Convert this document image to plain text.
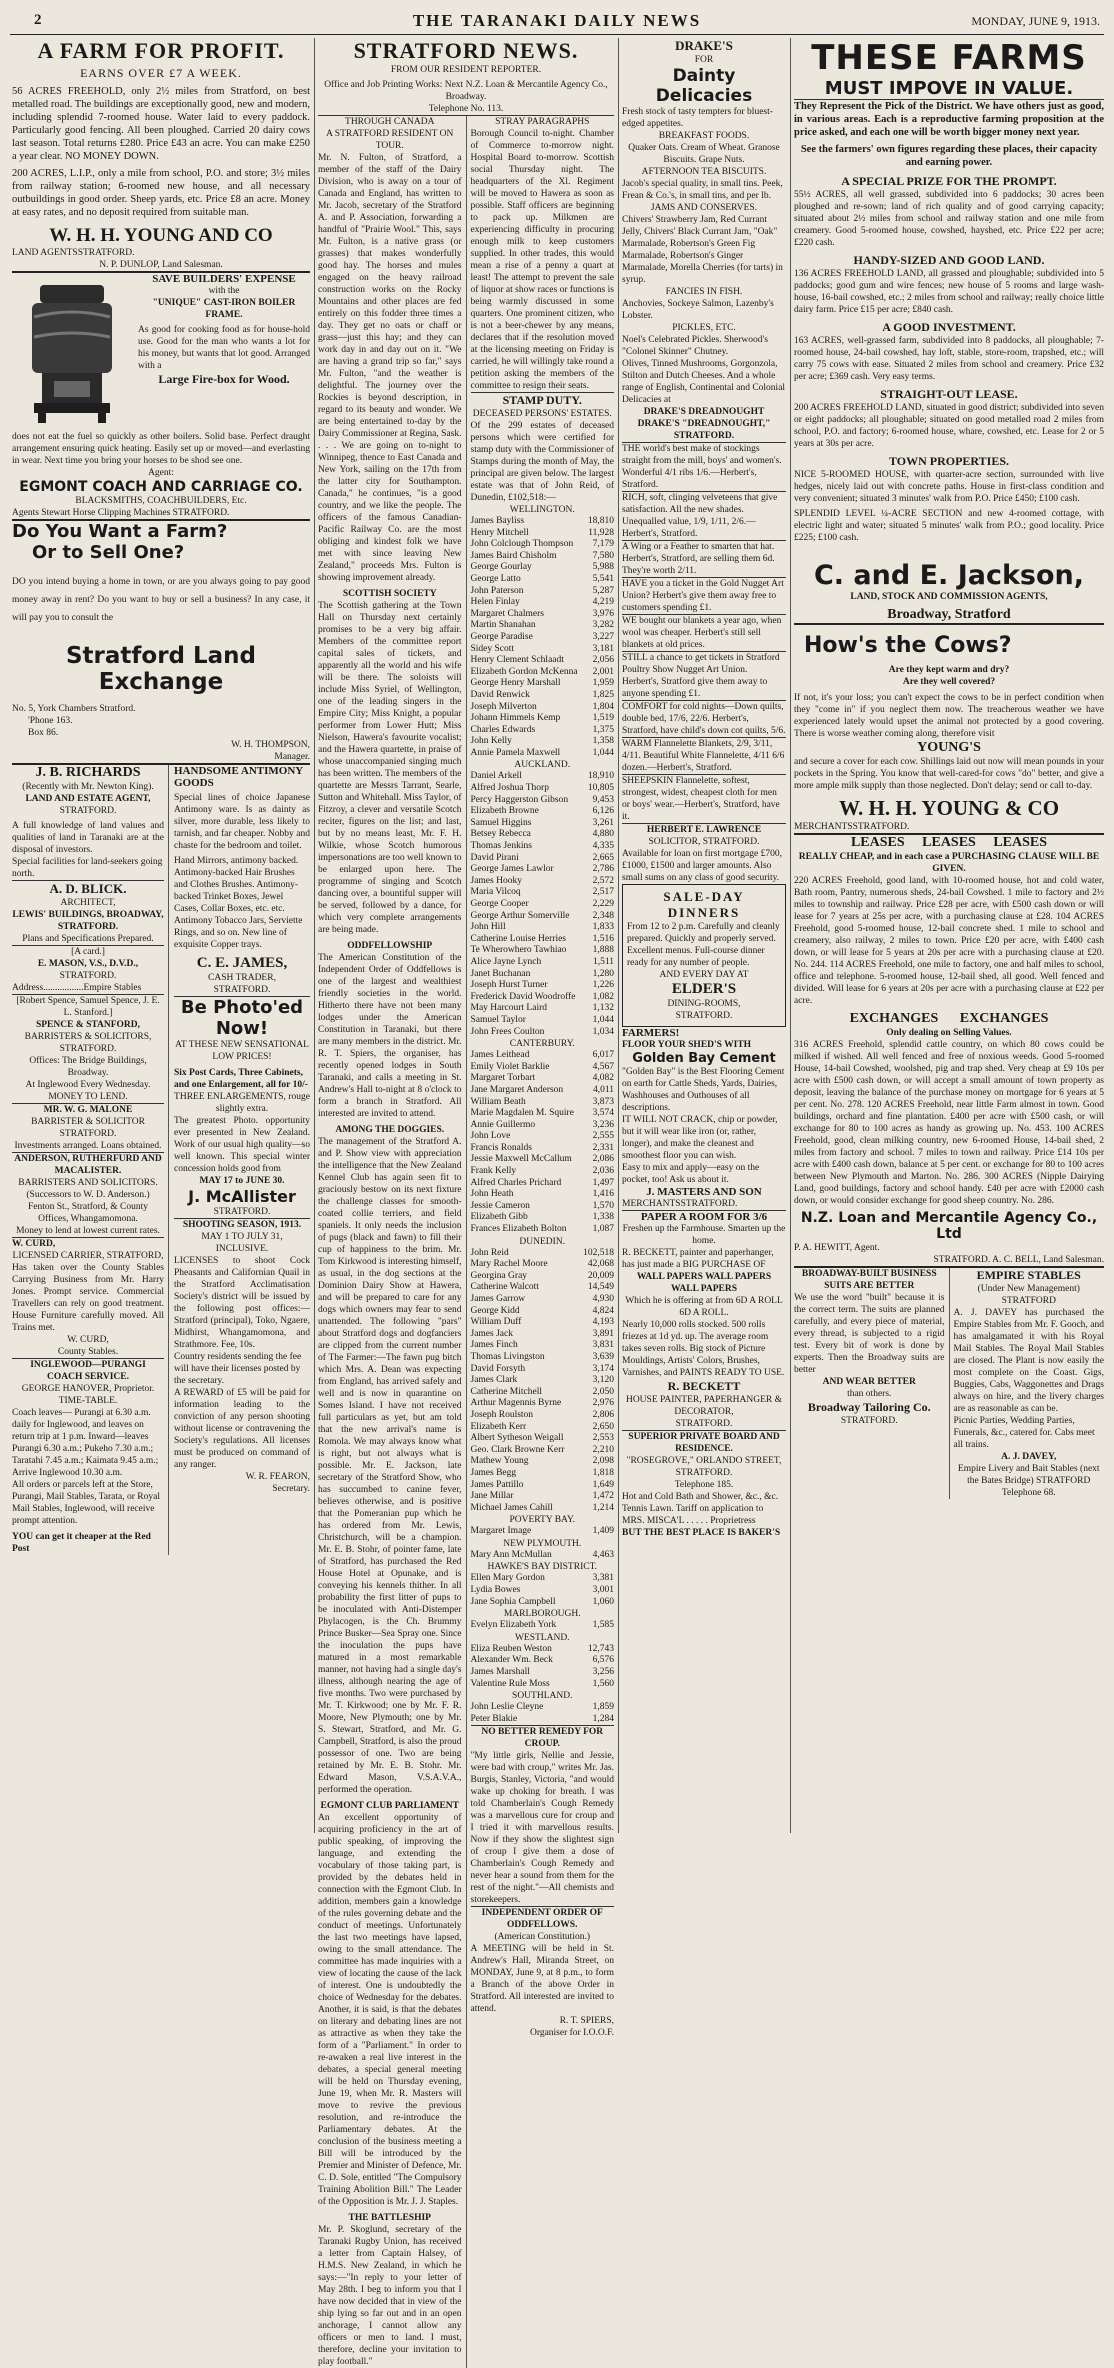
2	THE TARANAKI DAILY NEWS	MONDAY, JUNE 9, 1913.
A FARM FOR PROFIT.
EARNS OVER £7 A WEEK.

56 ACRES FREEHOLD, only 2½ miles from Stratford, on best metalled road. The buildings are exceptionally good, new and modern, including splendid 7-roomed house. Water laid to every paddock. Particularly good fencing. All been ploughed. Carried 20 dairy cows last season. Total returns £280. Price £43 an acre. You can make £250 a year clear. NO MONEY DOWN.

200 ACRES, L.I.P., only a mile from school, P.O. and store; 3½ miles from railway station; 6-roomed new house, and all necessary outbuildings in good order. Sheep yards, etc. Price £8 an acre. Money at easy rates, and no deposit required from suitable man.

W. H. H. YOUNG AND CO
LAND AGENTS STRATFORD.
N. P. DUNLOP, Land Salesman.
SAVE BUILDERS' EXPENSE
with the
"UNIQUE" CAST-IRON BOILER FRAME.

As good for cooking food as for house-hold use. Good for the man who wants a lot for his money, but wants that lot good. Arranged with a

Large Fire-box for Wood.

does not eat the fuel so quickly as other boilers. Solid base. Perfect draught arrangement ensuring quick heating. Easily set up or moved—and everlasting in wear. Next time you bring your horses to be shod see one.

Agent:
EGMONT COACH AND CARRIAGE CO.
BLACKSMITHS, COACHBUILDERS, Etc.
Agents Stewart Horse Clipping Machines STRATFORD.
Do You Want a Farm?
Or to Sell One?

DO you intend buying a home in town, or are you always going to pay good money away in rent? Do you want to buy or sell a business? In any case, it will pay you to consult the

Stratford Land Exchange
No. 5, York Chambers Stratford.
'Phone 163.
Box 86.
W. H. THOMPSON,
Manager.
J. B. RICHARDS
(Recently with Mr. Newton King).
LAND AND ESTATE AGENT,
STRATFORD.

A full knowledge of land values and qualities of land in Taranaki are at the disposal of investors.

Special facilities for land-seekers going north.

A. D. BLICK.
ARCHITECT,
LEWIS' BUILDINGS, BROADWAY, STRATFORD.
Plans and Specifications Prepared.
[A card.]
E. MASON, V.S., D.V.D.,
STRATFORD.
Address.................Empire Stables
[Robert Spence, Samuel Spence, J. E. L. Stanford.]
SPENCE & STANFORD,
BARRISTERS & SOLICITORS, STRATFORD.
Offices: The Bridge Buildings, Broadway.
At Inglewood Every Wednesday.
MONEY TO LEND.
MR. W. G. MALONE
BARRISTER & SOLICITOR
STRATFORD.
Investments arranged. Loans obtained.
ANDERSON, RUTHERFURD AND MACALISTER.
BARRISTERS AND SOLICITORS. (Successors to W. D. Anderson.)
Fenton St., Stratford, & County Offices, Whangamomona.
Money to lend at lowest current rates.
W. CURD,
LICENSED CARRIER, STRATFORD,

Has taken over the County Stables Carrying Business from Mr. Harry Jones. Prompt service. Commercial Travellers can rely on good treatment. House Furniture carefully moved. All Trains met.

W. CURD,
County Stables.
INGLEWOOD—PURANGI COACH SERVICE.
GEORGE HANOVER, Proprietor.
TIME-TABLE.

Coach leaves— Purangi at 6.30 a.m. daily for Inglewood, and leaves on return trip at 1 p.m. Inward—leaves Purangi 6.30 a.m.; Pukeho 7.30 a.m.; Taratahi 7.45 a.m.; Kaimata 9.45 a.m.; Arrive Inglewood 10.30 a.m.

All orders or parcels left at the Store, Purangi, Mail Stables, Tarata, or Royal Mail Stables, Inglewood, will receive prompt attention.

YOU can get it cheaper at the Red Post
HANDSOME ANTIMONY GOODS

Special lines of choice Japanese Antimony ware. Is as dainty as silver, more durable, less likely to tarnish, and far cheaper. Nobby and chaste for the bedroom and toilet.

Hand Mirrors, antimony backed. Antimony-backed Hair Brushes and Clothes Brushes. Antimony-backed Trinket Boxes, Jewel Cases, Collar Boxes, etc. etc. Antimony Tobacco Jars, Serviette Rings, and so on. New line of exquisite Copper trays.

C. E. JAMES,
CASH TRADER,
STRATFORD.
Be Photo'ed Now!
AT THESE NEW SENSATIONAL LOW PRICES!

Six Post Cards, Three Cabinets, and one Enlargement, all for 10/-

THREE ENLARGEMENTS, rouge slightly extra.

The greatest Photo. opportunity ever presented in New Zealand. Work of our usual high quality—so well known. This special winter concession holds good from

MAY 17 to JUNE 30.
J. McAllister
STRATFORD.
SHOOTING SEASON, 1913.
MAY 1 TO JULY 31, INCLUSIVE.

LICENSES to shoot Cock Pheasants and Californian Quail in the Stratford Acclimatisation Society's district will be issued by the following post offices:—Stratford (principal), Toko, Ngaere, Midhirst, Whangamomona, and Strathmore. Fee, 10s.

Country residents sending the fee will have their licenses posted by the secretary.

A REWARD of £5 will be paid for information leading to the conviction of any person shooting without license or contravening the Society's regulations. All licenses must be produced on command of any ranger.

W. R. FEARON,
Secretary.
STRATFORD NEWS.
FROM OUR RESIDENT REPORTER.
Office and Job Printing Works: Next N.Z. Loan & Mercantile Agency Co., Broadway.
Telephone No. 113.
THROUGH CANADA
A STRATFORD RESIDENT ON TOUR.

Mr. N. Fulton, of Stratford, a member of the staff of the Dairy Division, who is away on a tour of Canada and England, has written to Mr. Jacob, secretary of the Stratford A. and P. Association, forwarding a handful of "Prairie Wool." This, says Mr. Fulton, is a native grass (or grasses) that makes wonderfully good hay. The horses and mules engaged on the heavy railroad construction works on the Rocky Mountains and other places are fed entirely on this fodder three times a day. They get no oats or chaff or grass—just this hay; and they can work day in and day out on it. "We are having a grand trip so far," says Mr. Fulton, "and the weather is delightful. The journey over the Rockies is beyond description, in regard to its beauty and wonder. We are being entertained to-day by the Dairy Commissioner at Regina, Sask. . . . We are going on to-night to Winnipeg, thence to East Canada and New York, sailing on the 17th from the latter city for Southampton. Canada," he continues, "is a good country, and we like the people. The officers of the famous Canadian-Pacific Railway Co. are the most obliging and kindest folk we have met with since leaving New Zealand," proceeds Mrs. Fulton is showing improvement already.

SCOTTISH SOCIETY

The Scottish gathering at the Town Hall on Thursday next certainly promises to be a very big affair. Members of the committee report capital sales of tickets, and apparently all the world and his wife will be there. The soloists will include Miss Syriel, of Wellington, one of the leading singers in the Empire City; Miss Knight, a popular performer from Lower Hutt; Miss Nielson, Hawera's favourite vocalist; and the Hawera quartette, in praise of whose unaccompanied singing much has been written. The members of the quartette are Messrs Tarrant, Searle, Sutton and Whitehall. Miss Taylor, of Fitzroy, a clever and versatile Scotch reciter, figures on the list; and last, but by no means least, Mr. F. H. Wilkie, whose Scotch humorous impersonations are too well known to be enlarged upon here. The programme of singing and Scotch dancing over, a bountiful supper will be served, followed by a dance, for which very complete arrangements are being made.

ODDFELLOWSHIP

The American Constitution of the Independent Order of Oddfellows is one of the largest and wealthiest friendly societies in the world. Hitherto there have not been many lodges under the American Constitution in Taranaki, but there are many members in the district. Mr. R. T. Spiers, the organiser, has recently opened lodges in South Taranaki, and calls a meeting in St. Andrew's Hall to-night at 8 o'clock to form a branch in Stratford. All interested are invited to attend.

AMONG THE DOGGIES.

The management of the Stratford A. and P. Show view with appreciation the intelligence that the New Zealand Kennel Club has again seen fit to graciously bestow on its next fixture the challenge classes for smooth-coated collie terriers, and field spaniels. It only needs the inclusion of pugs (black and fawn) to fill their cup of happiness to the brim. Mr. Tom Kirkwood is interesting himself, as usual, in the dog sections at the Dominion Dairy Show at Hawera, and will be prepared to care for any dogs which owners may fear to send unattended. The following "pars" about Stratford dogs and dogfanciers are clipped from the current number of The Farmer:—The fawn pug bitch which Mrs. A. Dean was expecting from England, has arrived safely and well and is now in quarantine on Somes Island. I have not received full particulars as yet, but am told that the new arrival's name is Romola. We may always know what is right, but not always what is possible. Mr. E. Jackson, late secretary of the Stratford Show, who has succumbed to canine fever, believes otherwise, and is positive that the Pomeranian pup which he has ordered from Mr. Lewis, Christchurch, will be a champion. Mr. E. B. Stohr, of pointer fame, late of Stratford, has purchased the Red House Hotel at Opunake, and is conveying his kennels thither. In all probability the first litter of pups to be inoculated with Anti-Distemper Phylacogen, is the Ch. Brummy Prince Busker—Sea Spray one. Since the inoculation the pups have matured in a most remarkable manner, not having had a single day's illness, although nearing the age of five months. Two were purchased by Mr. T. Kirkwood; one by Mr. F. R. Moore, New Plymouth; one by Mr. S. Stewart, Stratford, and Mr. G. Campbell, Stratford, is also the proud possessor of one. Two are being retained by Mr. E. B. Stohr. Mr. Edward Mason, V.S.A.V.A., performed the operation.

EGMONT CLUB PARLIAMENT

An excellent opportunity of acquiring proficiency in the art of public speaking, of improving the language, and extending the vocabulary of those taking part, is provided by the debates held in connection with the Egmont Club. In addition, members gain a knowledge of the rules governing debate and the conduct of meetings. Unfortunately the last two meetings have lapsed, owing to the small attendance. The committee has made inquiries with a view of locating the cause of the lack of interest. One is undoubtedly the choice of Wednesday for the debates. Another, it is said, is that the debates on literary and debating lines are not as attractive as when they take the form of a "Parliament." In order to re-awaken a real live interest in the debates, a special general meeting will be held on Thursday evening, June 19, when Mr. R. Masters will move to revive the previous resolution, and re-introduce the Parliamentary debates. At the conclusion of the business meeting a Bill will be introduced by the Premier and Minister of Defence, Mr. C. D. Sole, entitled "The Compulsory Training Abolition Bill." The Leader of the Opposition is Mr. J. J. Staples.

THE BATTLESHIP

Mr. P. Skoglund, secretary of the Taranaki Rugby Union, has received a letter from Captain Halsey, of H.M.S. New Zealand, in which he says:—"In reply to your letter of May 28th. I beg to inform you that I have now decided that in view of the ship lying so far out and in an open anchorage, I cannot allow any officers or men to land. I must, therefore, decline your invitation to play football."

STRAY PARAGRAPHS

Borough Council to-night. Chamber of Commerce to-morrow night. Hospital Board to-morrow. Scottish social Thursday night. The headquarters of the Xl. Regiment will be moved to Hawera as soon as possible. Staff officers are beginning to pack up. Milkmen are experiencing difficulty in procuring enough milk to keep customers supplied. In other trades, this would mean a rise of a penny a quart at least! The attempt to prevent the sale of liquor at show races or functions is being warmly discussed in some quarters. One prominent citizen, who is not a beer-chewer by any means, declares that if the resolution moved at the licensing meeting on Friday is carried, he will willingly take round a petition asking the members of the committee to resign their seats.

STAMP DUTY.
DECEASED PERSONS' ESTATES.

Of the 299 estates of deceased persons which were certified for stamp duty with the Commissioner of Stamps during the month of May, the principal are given below. The largest estate was that of John Reid, of Dunedin, £102,518:—

WELLINGTON.
James Bayliss	18,810
Henry Mitchell	11,928
John Colclough Thompson 7,179
James Baird Chisholm	7,580
George Gourlay	5,988
George Latto	5,541
John Paterson	5,287
Helen Finlay	4,219
Margaret Chalmers	3,976
Martin Shanahan	3,282
George Paradise	3,227
Sidey Scott	3,181
Henry Clement Schlaadt	2,056
Elizabeth Gordon McKenna 2,001
George Henry Marshall	1,959
David Renwick	1,825
Joseph Milverton	1,804
Johann Himmels Kemp	1,519
Charles Edwards	1,375
John Kelly	1,358
Annie Pamela Maxwell	1,044
AUCKLAND.
Daniel Arkell	18,910
Alfred Joshua Thorp	10,805
Percy Haggerston Gibson	9,453
Elizabeth Browne	6,126
Samuel Higgins	3,261
Betsey Rebecca	4,880
Thomas Jenkins	4,335
David Pirani	2,665
George James Lawlor	2,786
James Hooky	2,572
Maria Vilcoq	2,517
George Cooper	2,229
George Arthur Somerville 2,348
John Hill	1,833
Catherine Louise Herries	1,516
Te Wherowhero Tawhiao	1,888
Alice Jayne Lynch	1,511
Janet Buchanan	1,280
Joseph Hurst Turner	1,226
Frederick David Woodroffe 1,082
May Harcourt Laird	1,132
Samuel Taylor	1,044
John Frees Coulton	1,034
CANTERBURY.
James Leithead	6,017
Emily Violet Barklie	4,567
Margaret Torbart	4,082
Jane Margaret Anderson	4,011
William Beath	3,873
Marie Magdalen M. Squire 3,574
Annie Guillermo	3,236
John Love	2,555
Francis Ronalds	2,331
Jessie Maxwell McCallum 2,086
Frank Kelly	2,036
Alfred Charles Prichard	1,497
John Heath	1,416
Jessie Cameron	1,570
Elizabeth Gibb	1,338
Frances Elizabeth Bolton	1,087
DUNEDIN.
John Reid	102,518
Mary Rachel Moore	42,068
Georgina Gray	20,009
Catherine Walcott	14,549
James Garrow	4,930
George Kidd	4,824
William Duff	4,193
James Jack	3,891
James Finch	3,831
Thomas Livingston	3,639
David Forsyth	3,174
James Clark	3,120
Catherine Mitchell	2,050
Arthur Magennis Byrne	2,976
Joseph Roulston	2,806
Elizabeth Kerr	2,650
Albert Sytheson Weigall	2,553
Geo. Clark Browne Kerr	2,210
Mathew Young	2,098
James Begg	1,818
James Pattillo	1,649
Jane Millar	1,472
Michael James Cahill	1,214
POVERTY BAY.
Margaret Image	1,409
NEW PLYMOUTH.
Mary Ann McMullan	4,463
HAWKE'S BAY DISTRICT.
Ellen Mary Gordon	3,381
Lydia Bowes	3,001
Jane Sophia Campbell	1,060
MARLBOROUGH.
Evelyn Elizabeth York	1,585
WESTLAND.
Eliza Reuben Weston	12,743
Alexander Wm. Beck	6,576
James Marshall	3,256
Valentine Rule Moss	1,560
SOUTHLAND.
John Leslie Cleyne	1,859
Peter Blakie	1,284
NO BETTER REMEDY FOR CROUP.

"My little girls, Nellie and Jessie, were bad with croup," writes Mr. Jas. Burgis, Stanley, Victoria, "and would wake up choking for breath. I was told Chamberlain's Cough Remedy was a marvellous cure for croup and I tried it with marvellous results. Now if they show the slightest sign of croup I give them a dose of Chamberlain's Cough Remedy and never hear a sound from them for the rest of the night."—All chemists and storekeepers.

INDEPENDENT ORDER OF ODDFELLOWS.
(American Constitution.)

A MEETING will be held in St. Andrew's Hall, Miranda Street, on MONDAY, June 9, at 8 p.m., to form a Branch of the above Order in Stratford. All interested are invited to attend.

R. T. SPIERS,
Organiser for I.O.O.F.
DRAKE'S
FOR
Dainty Delicacies

Fresh stock of tasty tempters for bluest-edged appetites.

BREAKFAST FOODS.

Quaker Oats. Cream of Wheat. Granose Biscuits. Grape Nuts.

AFTERNOON TEA BISCUITS.

Jacob's special quality, in small tins. Peek, Frean & Co.'s, in small tins, and per lb.

JAMS AND CONSERVES.

Chivers' Strawberry Jam, Red Currant Jelly, Chivers' Black Currant Jam, "Oak" Marmalade, Robertson's Green Fig Marmalade, Robertson's Ginger Marmalade, Morella Cherries (for tarts) in syrup.

FANCIES IN FISH.

Anchovies, Sockeye Salmon, Lazenby's Lobster.

PICKLES, ETC.

Noel's Celebrated Pickles. Sherwood's "Colonel Skinner" Chutney.

Olives, Tinned Mushrooms, Gorgonzola, Stilton and Dutch Cheeses. And a whole range of English, Continental and Colonial Delicacies at

DRAKE'S DREADNOUGHT DRAKE'S "DREADNOUGHT," STRATFORD.

THE world's best make of stockings straight from the mill, boys' and women's. Wonderful 4/1 ribs 1/6.—Herbert's, Stratford.

RICH, soft, clinging velveteens that give satisfaction. All the new shades. Unequalled value, 1/9, 1/11, 2/6.—Herbert's, Stratford.

A Wing or a Feather to smarten that hat. Herbert's, Stratford, are selling them 6d. They're worth 2/11.

HAVE you a ticket in the Gold Nugget Art Union? Herbert's give them away free to customers spending £1.

WE bought our blankets a year ago, when wool was cheaper. Herbert's still sell blankets at old prices.

STILL a chance to get tickets in Stratford Poultry Show Nugget Art Union. Herbert's, Stratford give them away to anyone spending £1.

COMFORT for cold nights—Down quilts, double bed, 17/6, 22/6. Herbert's, Stratford, have child's down cot quilts, 5/6.

WARM Flannelette Blankets, 2/9, 3/11, 4/11. Beautiful White Flannelette, 4/11 6/6 dozen.—Herbert's, Stratford.

SHEEPSKIN Flannelette, softest, strongest, widest, cheapest cloth for men or boys' wear.—Herbert's, Stratford, have it.

HERBERT E. LAWRENCE
SOLICITOR, STRATFORD.

Available for loan on first mortgage £700, £1000, £1500 and larger amounts. Also small sums on any class of good security.

SALE-DAY DINNERS

From 12 to 2 p.m. Carefully and cleanly prepared. Quickly and properly served. Excellent menus. Full-course dinner ready for any number of people.

AND EVERY DAY AT
ELDER'S
DINING-ROOMS,
STRATFORD.
FARMERS!
FLOOR YOUR SHED'S WITH
Golden Bay Cement

"Golden Bay" is the Best Flooring Cement on earth for Cattle Sheds, Yards, Dairies, Washhouses and Outhouses of all descriptions.

IT WILL NOT CRACK, chip or powder, but it will wear like iron (or, rather, longer), and make the cleanest and smoothest floor you can wish.

Easy to mix and apply—easy on the pocket, too! Ask us about it.

J. MASTERS AND SON
MERCHANTS STRATFORD.
PAPER A ROOM FOR 3/6
Freshen up the Farmhouse. Smarten up the home.

R. BECKETT, painter and paperhanger, has just made a BIG PURCHASE OF

WALL PAPERS WALL PAPERS WALL PAPERS
Which he is offering at from 6D A ROLL 6D A ROLL.

Nearly 10,000 rolls stocked. 500 rolls friezes at 1d yd. up. The average room takes seven rolls. Big stock of Picture Mouldings, Artists' Colors, Brushes, Varnishes, and PAINTS READY TO USE.

R. BECKETT
HOUSE PAINTER, PAPERHANGER & DECORATOR,
STRATFORD.
SUPERIOR PRIVATE BOARD AND RESIDENCE.
"ROSEGROVE," ORLANDO STREET, STRATFORD.
Telephone 185.

Hot and Cold Bath and Shower, &c., &c. Tennis Lawn. Tariff on application to

MRS. MISCA'L . . . . . Proprietress
BUT THE BEST PLACE IS BAKER'S
THESE FARMS
MUST IMPOVE IN VALUE.

They Represent the Pick of the District. We have others just as good, in various areas. Each is a reproductive farming proposition at the price asked, and each one will be worth bigger money next year.

See the farmers' own figures regarding these places, their capacity and earning power.

A SPECIAL PRIZE FOR THE PROMPT.

55½ ACRES, all well grassed, subdivided into 6 paddocks; 30 acres been ploughed and re-sown; land of rich quality and of good carrying capacity; situated about 2½ miles from school and railway station and one mile from creamery. Good 5-roomed house, cowshed, hayshed, etc. Price £22 per acre; £220 cash.

HANDY-SIZED AND GOOD LAND.

136 ACRES FREEHOLD LAND, all grassed and ploughable; subdivided into 5 paddocks; good gum and wire fences; new house of 5 rooms and large wash-house, 16-bail cowshed, etc.; 2 miles from school and railway; really choice little dairy farm. Price £15 per acre; £840 cash.

A GOOD INVESTMENT.

163 ACRES, well-grassed farm, subdivided into 8 paddocks, all ploughable; 7-roomed house, 24-bail cowshed, hay loft, stable, store-room, trapshed, etc.; will carry 75 cows with ease. Situated 2 miles from school and creamery. Price £32 per acre; £369 cash. Very easy terms.

STRAIGHT-OUT LEASE.

200 ACRES FREEHOLD LAND, situated in good district; subdivided into seven or eight paddocks; all ploughable; situated on good metalled road 2 miles from school, P.O. and factory; 6-roomed house, whare, cowshed, etc. Lease for 2 or 5 years at 30s per acre.

TOWN PROPERTIES.

NICE 5-ROOMED HOUSE, with quarter-acre section, surrounded with live hedges, nicely laid out with concrete paths. House in first-class condition and very convenient; situated 3 minutes' walk from P.O. Price £450; £100 cash.

SPLENDID LEVEL ¼-ACRE SECTION and new 4-roomed cottage, with electric light and water; situated 5 minutes' walk from P.O.; good locality. Price £225; £100 cash.

C. and E. Jackson,
LAND, STOCK AND COMMISSION AGENTS,
Broadway, Stratford
How's the Cows?
Are they kept warm and dry?
Are they well covered?

If not, it's your loss; you can't expect the cows to be in perfect condition when they "come in" if you neglect them now. The treacherous weather we have experienced lately would upset the animal not protected by a good covering. There is worse weather coming along, therefore visit

YOUNG'S

and secure a cover for each cow. Shillings laid out now will mean pounds in your pockets in the Spring. You know that well-cared-for cows "do" better, and give a more ample milk supply than those neglected. Don't delay; send or call to-day.

W. H. H. YOUNG & CO
MERCHANTS STRATFORD.
LEASES LEASES LEASES
REALLY CHEAP, and in each case a PURCHASING CLAUSE WILL BE GIVEN.

220 ACRES Freehold, good land, with 10-roomed house, hot and cold water, Bath room, Pantry, numerous sheds, 24-bail Cowshed. 1 mile to factory and 2½ miles to township and railway. Price £28 per acre, with £500 cash down or will lease for 7 years at 25s per acre, with a purchasing clause at £28. 104 ACRES Freehold, good 5-roomed house, 12-bail concrete shed. 1 mile to school and creamery, also railway, 2 miles to town. Price £20 per acre, with £400 cash down, or will lease for 5 years at 20s per acre with a purchasing clause at £20. No. 244. 114 ACRES Freehold, one mile to factory, one and half miles to school, office and telephone. 5-roomed house, 12-bail shed, all good. Well fenced and divided. Will lease for 6 years at 20s per acre with a purchasing clause at £22 per acre.

EXCHANGES EXCHANGES
Only dealing on Selling Values.

316 ACRES Freehold, splendid cattle country, on which 80 cows could be milked if wished. All well fenced and free of noxious weeds. Good 5-roomed House, 14-bail Cowshed, woolshed, pig and trap shed. Very cheap at £9 10s per acre with £500 cash down, or will accept a small amount of town property as deposit, leaving the balance of the purchase money on mortgage for 6 years at 5 per cent. No. 278. 120 ACRES Freehold, near little Farm almost in town. Good buildings, orchard and fine plantation. £400 per acre with £500 cash, or will exchange for 80 to 100 acres as handy as growing up. No. 453. 100 ACRES Freehold, good, clean milking country, new 6-roomed House, 14-bail shed, 2 miles from factory and school. 7 miles to town and railway. Price £14 10s per acre with £400 cash down, balance at 5 per cent. or exchange for 80 to 100 acres between New Plymouth and Marton. No. 286. 300 ACRES (Nipple Dairying Land, good buildings, factory and school handy. £40 per acre with £2000 cash down, or would consider exchange for good sheep country. No. 286.

N.Z. Loan and Mercantile Agency Co., Ltd
P. A. HEWITT, Agent.
STRATFORD. A. C. BELL, Land Salesman.
BROADWAY-BUILT BUSINESS SUITS ARE BETTER

We use the word "built" because it is the correct term. The suits are planned carefully, and every piece of material, every thread, is subjected to a rigid test. Every bit of work is done by experts. Then the Broadway suits are better

AND WEAR BETTER
than others.
Broadway Tailoring Co.
STRATFORD.
EMPIRE STABLES
(Under New Management) STRATFORD

A. J. DAVEY has purchased the Empire Stables from Mr. F. Gooch, and has amalgamated it with his Royal Mail Stables. The Royal Mail Stables are closed. The Plant is now easily the most complete on the Coast. Gigs, Buggies, Cabs, Waggonettes and Drags always on hire, and the livery charges are as reasonable as can be.

Picnic Parties, Wedding Parties, Funerals, &c., catered for. Cabs meet all trains.

A. J. DAVEY,
Empire Livery and Bait Stables (next the Bates Bridge) STRATFORD
Telephone 68.
